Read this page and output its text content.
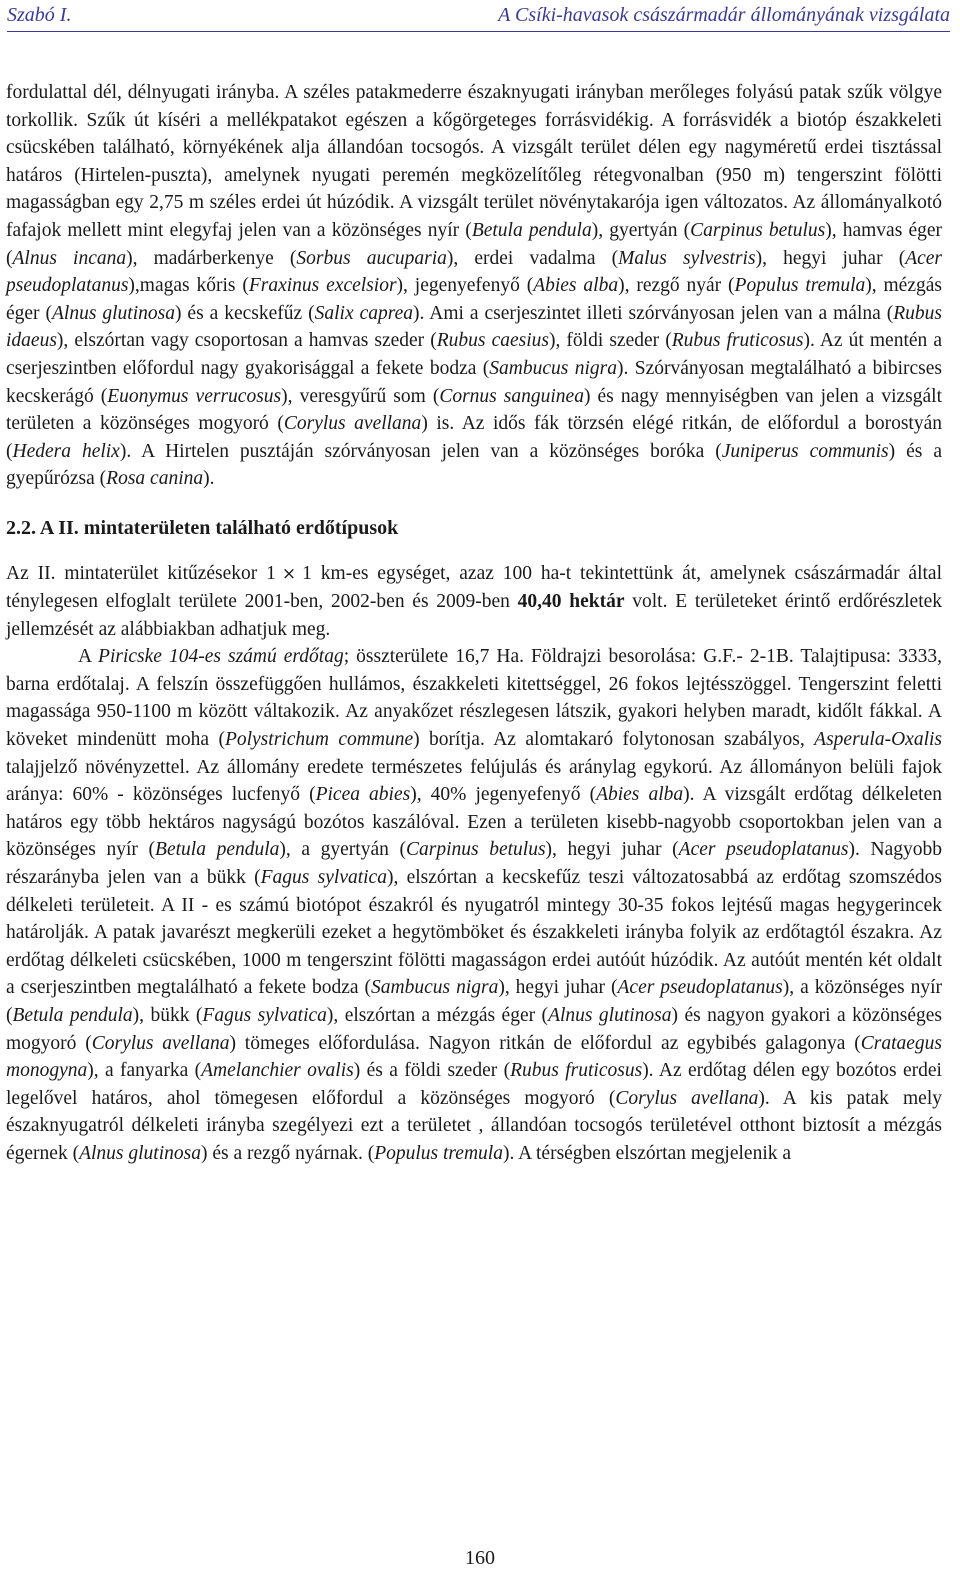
Szabó I.	A Csíki-havasok császármadár állományának vizsgálata

fordulattal dél, délnyugati irányba. A széles patakmederre északnyugati irányban merőleges folyású patak szűk völgye torkollik. Szűk út kíséri a mellékpatakot egészen a kőgörgeteges forrásvidékig. A forrásvidék a biotóp északkeleti csücskében található, környékének alja állandóan tocsogós. A vizsgált terület délen egy nagyméretű erdei tisztással határos (Hirtelen-puszta), amelynek nyugati peremén megközelítőleg rétegvonalban (950 m) tengerszint fölötti magasságban egy 2,75 m széles erdei út húzódik. A vizsgált terület növénytakarója igen változatos. Az állományalkotó fafajok mellett mint elegyfaj jelen van a közönséges nyír (Betula pendula), gyertyán (Carpinus betulus), hamvas éger (Alnus incana), madárberkenye (Sorbus aucuparia), erdei vadalma (Malus sylvestris), hegyi juhar (Acer pseudoplatanus),magas kőris (Fraxinus excelsior), jegenyefenyő (Abies alba), rezgő nyár (Populus tremula), mézgás éger (Alnus glutinosa) és a kecskefűz (Salix caprea). Ami a cserjeszintet illeti szórványosan jelen van a málna (Rubus idaeus), elszórtan vagy csoportosan a hamvas szeder (Rubus caesius), földi szeder (Rubus fruticosus). Az út mentén a cserjeszintben előfordul nagy gyakorisággal a fekete bodza (Sambucus nigra). Szórványosan megtalálható a bibircses kecskerágó (Euonymus verrucosus), veresgyűrű som (Cornus sanguinea) és nagy mennyiségben van jelen a vizsgált területen a közönséges mogyoró (Corylus avellana) is. Az idős fák törzsén elégé ritkán, de előfordul a borostyán (Hedera helix). A Hirtelen pusztáján szórványosan jelen van a közönséges boróka (Juniperus communis) és a gyepűrózsa (Rosa canina).

2.2. A II. mintaterületen található erdőtípusok

Az II. mintaterület kitűzésekor 1 × 1 km-es egységet, azaz 100 ha-t tekintettünk át, amelynek császármadár által ténylegesen elfoglalt területe 2001-ben, 2002-ben és 2009-ben 40,40 hektár volt. E területeket érintő erdőrészletek jellemzését az alábbiakban adhatjuk meg.

A Piricske 104-es számú erdőtag; összterülete 16,7 Ha. Földrajzi besorolása: G.F.- 2-1B. Talajtipusa: 3333, barna erdőtalaj. A felszín összefüggően hullámos, északkeleti kitettséggel, 26 fokos lejtésszöggel. Tengerszint feletti magassága 950-1100 m között váltakozik. Az anyakőzet részlegesen látszik, gyakori helyben maradt, kidőlt fákkal. A köveket mindenütt moha (Polystrichum commune) borítja. Az alomtakaró folytonosan szabályos, Asperula-Oxalis talajjelző növényzettel. Az állomány eredete természetes felújulás és aránylag egykorú. Az állományon belüli fajok aránya: 60% - közönséges lucfenyő (Picea abies), 40% jegenyefenyő (Abies alba). A vizsgált erdőtag délkeleten határos egy több hektáros nagyságú bozótos kaszálóval. Ezen a területen kisebb-nagyobb csoportokban jelen van a közönséges nyír (Betula pendula), a gyertyán (Carpinus betulus), hegyi juhar (Acer pseudoplatanus). Nagyobb részarányba jelen van a bükk (Fagus sylvatica), elszórtan a kecskefűz teszi változatosabbá az erdőtag szomszédos délkeleti területeit. A II - es számú biotópot északról és nyugatról mintegy 30-35 fokos lejtésű magas hegygerincek határolják. A patak javarészt megkerüli ezeket a hegytömböket és északkeleti irányba folyik az erdőtagtól északra. Az erdőtag délkeleti csücskében, 1000 m tengerszint fölötti magasságon erdei autóút húzódik. Az autóút mentén két oldalt a cserjeszintben megtalálható a fekete bodza (Sambucus nigra), hegyi juhar (Acer pseudoplatanus), a közönséges nyír (Betula pendula), bükk (Fagus sylvatica), elszórtan a mézgás éger (Alnus glutinosa) és nagyon gyakori a közönséges mogyoró (Corylus avellana) tömeges előfordulása. Nagyon ritkán de előfordul az egybibés galagonya (Crataegus monogyna), a fanyarka (Amelanchier ovalis) és a földi szeder (Rubus fruticosus). Az erdőtag délen egy bozótos erdei legelővel határos, ahol tömegesen előfordul a közönséges mogyoró (Corylus avellana). A kis patak mely északnyugatról délkeleti irányba szegélyezi ezt a területet , állandóan tocsogós területével otthont biztosít a mézgás égernek (Alnus glutinosa) és a rezgő nyárnak. (Populus tremula). A térségben elszórtan megjelenik a

160
